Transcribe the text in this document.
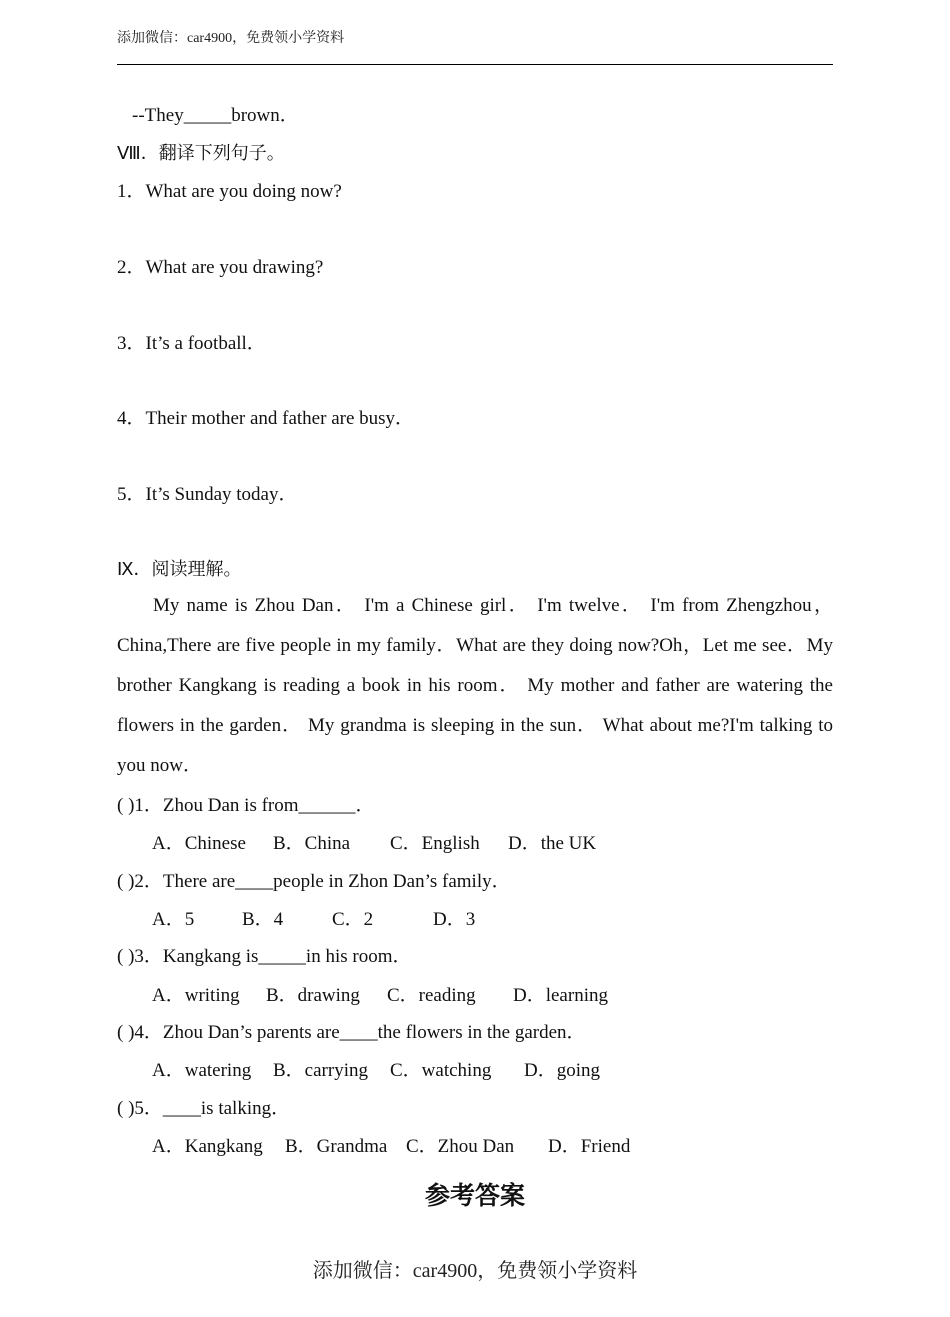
添加微信：car4900，免费领小学资料
--They_____brown．
Ⅷ．翻译下列句子。
1．What are you doing now?
2．What are you drawing?
3．It’s a football．
4．Their mother and father are busy．
5．It’s Sunday today．
Ⅸ．阅读理解。

My name is Zhou Dan． I'm a Chinese girl． I'm twelve． I'm from Zhengzhou，China,There are five people in my family．What are they doing now?Oh，Let me see．My brother Kangkang is reading a book in his room． My mother and father are watering the flowers in the garden． My grandma is sleeping in the sun． What about me?I'm talking to you now．

( )1．Zhou Dan is from______．
A．Chinese B．China C．English D．the UK
( )2．There are____people in Zhon Dan’s family．
A．5	B．4	C．2	D．3
( )3．Kangkang is_____in his room．
A．writing B．drawing C．reading D．learning
( )4．Zhou Dan’s parents are____the flowers in the garden．
A．watering B．carrying C．watching D．going
( )5．____is talking．
A．Kangkang B．Grandma C．Zhou Dan D．Friend
参考答案
添加微信：car4900，免费领小学资料
